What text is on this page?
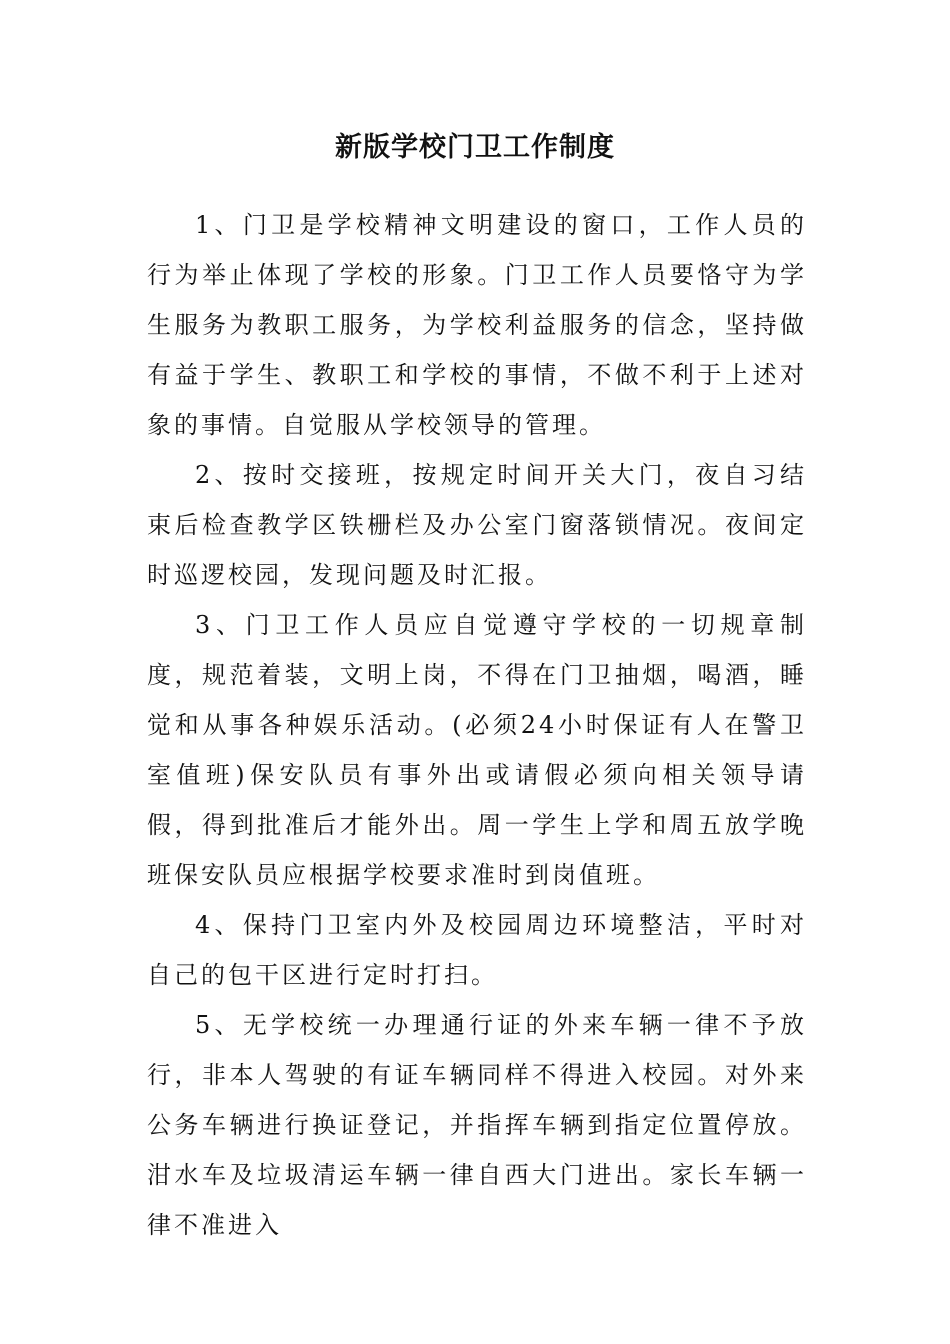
新版学校门卫工作制度

1、门卫是学校精神文明建设的窗口，工作人员的行为举止体现了学校的形象。门卫工作人员要恪守为学生服务为教职工服务，为学校利益服务的信念，坚持做有益于学生、教职工和学校的事情，不做不利于上述对象的事情。自觉服从学校领导的管理。

2、按时交接班，按规定时间开关大门，夜自习结束后检查教学区铁栅栏及办公室门窗落锁情况。夜间定时巡逻校园，发现问题及时汇报。

3、门卫工作人员应自觉遵守学校的一切规章制度，规范着装，文明上岗，不得在门卫抽烟，喝酒，睡觉和从事各种娱乐活动。(必须24小时保证有人在警卫室值班)保安队员有事外出或请假必须向相关领导请假，得到批准后才能外出。周一学生上学和周五放学晚班保安队员应根据学校要求准时到岗值班。

4、保持门卫室内外及校园周边环境整洁，平时对自己的包干区进行定时打扫。

5、无学校统一办理通行证的外来车辆一律不予放行，非本人驾驶的有证车辆同样不得进入校园。对外来公务车辆进行换证登记，并指挥车辆到指定位置停放。泔水车及垃圾清运车辆一律自西大门进出。家长车辆一律不准进入
